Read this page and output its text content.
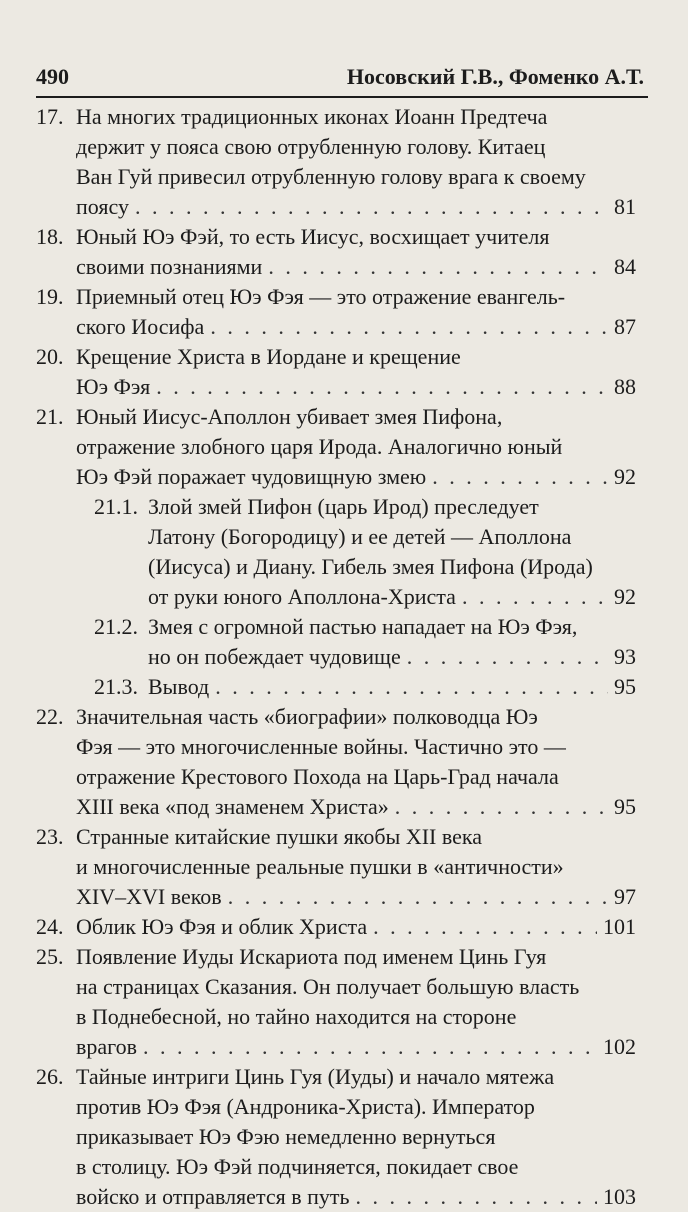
490	Носовский Г.В., Фоменко А.Т.
17. На многих традиционных иконах Иоанн Предтеча
держит у пояса свою отрубленную голову. Китаец
Ван Гуй привесил отрубленную голову врага к своему
поясу . . .	81
18. Юный Юэ Фэй, то есть Иисус, восхищает учителя
своими познаниями . . .	84
19. Приемный отец Юэ Фэя — это отражение евангель-
ского Иосифа . . .	87
20. Крещение Христа в Иордане и крещение
Юэ Фэя . . .	88
21. Юный Иисус-Аполлон убивает змея Пифона,
отражение злобного царя Ирода. Аналогично юный
Юэ Фэй поражает чудовищную змею . . .	92
21.1. Злой змей Пифон (царь Ирод) преследует
Латону (Богородицу) и ее детей — Аполлона
(Иисуса) и Диану. Гибель змея Пифона (Ирода)
от руки юного Аполлона-Христа . . .	92
21.2. Змея с огромной пастью нападает на Юэ Фэя,
но он побеждает чудовище . . .	93
21.3. Вывод . . .	95
22. Значительная часть «биографии» полководца Юэ
Фэя — это многочисленные войны. Частично это —
отражение Крестового Похода на Царь-Град начала
XIII века «под знаменем Христа» . . .	95
23. Странные китайские пушки якобы XII века
и многочисленные реальные пушки в «античности»
XIV–XVI веков . . .	97
24. Облик Юэ Фэя и облик Христа . . .	101
25. Появление Иуды Искариота под именем Цинь Гуя
на страницах Сказания. Он получает большую власть
в Поднебесной, но тайно находится на стороне
врагов . . .	102
26. Тайные интриги Цинь Гуя (Иуды) и начало мятежа
против Юэ Фэя (Андроника-Христа). Император
приказывает Юэ Фэю немедленно вернуться
в столицу. Юэ Фэй подчиняется, покидает свое
войско и отправляется в путь . . .	103
